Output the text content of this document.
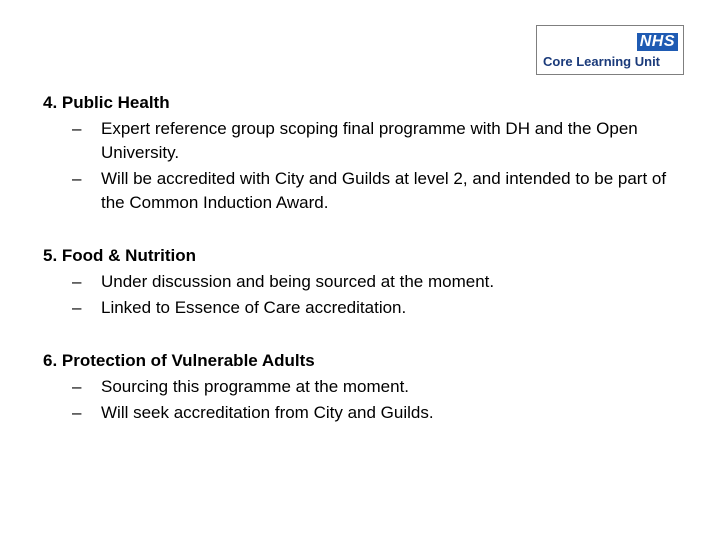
NHS
Core Learning Unit
4. Public Health
– Expert reference group scoping final programme with DH and the Open University.
– Will be accredited with City and Guilds at level 2, and intended to be part of the Common Induction Award.
5. Food & Nutrition
– Under discussion and being sourced at the moment.
– Linked to Essence of Care accreditation.
6. Protection of Vulnerable Adults
– Sourcing this programme at the moment.
– Will seek accreditation from City and Guilds.
